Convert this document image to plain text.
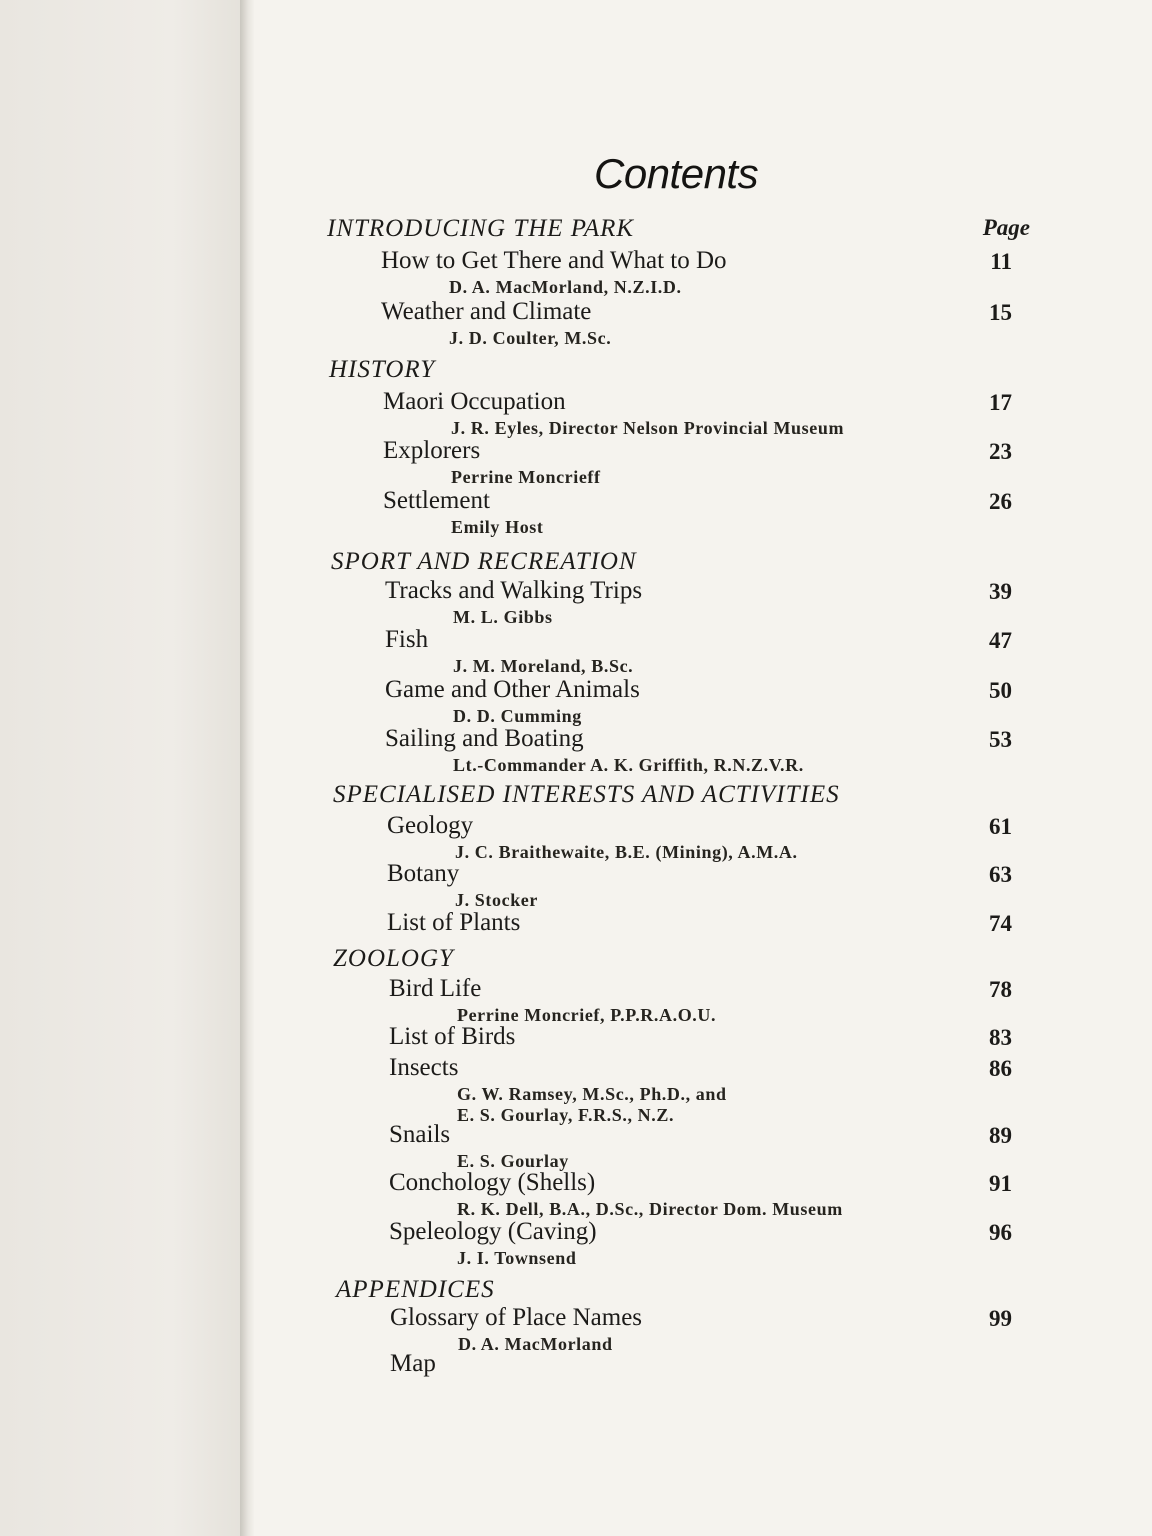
Contents
Page
INTRODUCING THE PARK
How to Get There and What to Do	11
D. A. MacMorland, N.Z.I.D.
Weather and Climate	15
J. D. Coulter, M.Sc.
HISTORY
Maori Occupation	17
J. R. Eyles, Director Nelson Provincial Museum
Explorers	23
Perrine Moncrieff
Settlement	26
Emily Host
SPORT AND RECREATION
Tracks and Walking Trips	39
M. L. Gibbs
Fish	47
J. M. Moreland, B.Sc.
Game and Other Animals	50
D. D. Cumming
Sailing and Boating	53
Lt.-Commander A. K. Griffith, R.N.Z.V.R.
SPECIALISED INTERESTS AND ACTIVITIES
Geology	61
J. C. Braithewaite, B.E. (Mining), A.M.A.
Botany	63
J. Stocker
List of Plants	74
ZOOLOGY
Bird Life	78
Perrine Moncrief, P.P.R.A.O.U.
List of Birds	83
Insects	86
G. W. Ramsey, M.Sc., Ph.D., and
E. S. Gourlay, F.R.S., N.Z.
Snails	89
E. S. Gourlay
Conchology (Shells)	91
R. K. Dell, B.A., D.Sc., Director Dom. Museum
Speleology (Caving)	96
J. I. Townsend
APPENDICES
Glossary of Place Names	99
D. A. MacMorland
Map
